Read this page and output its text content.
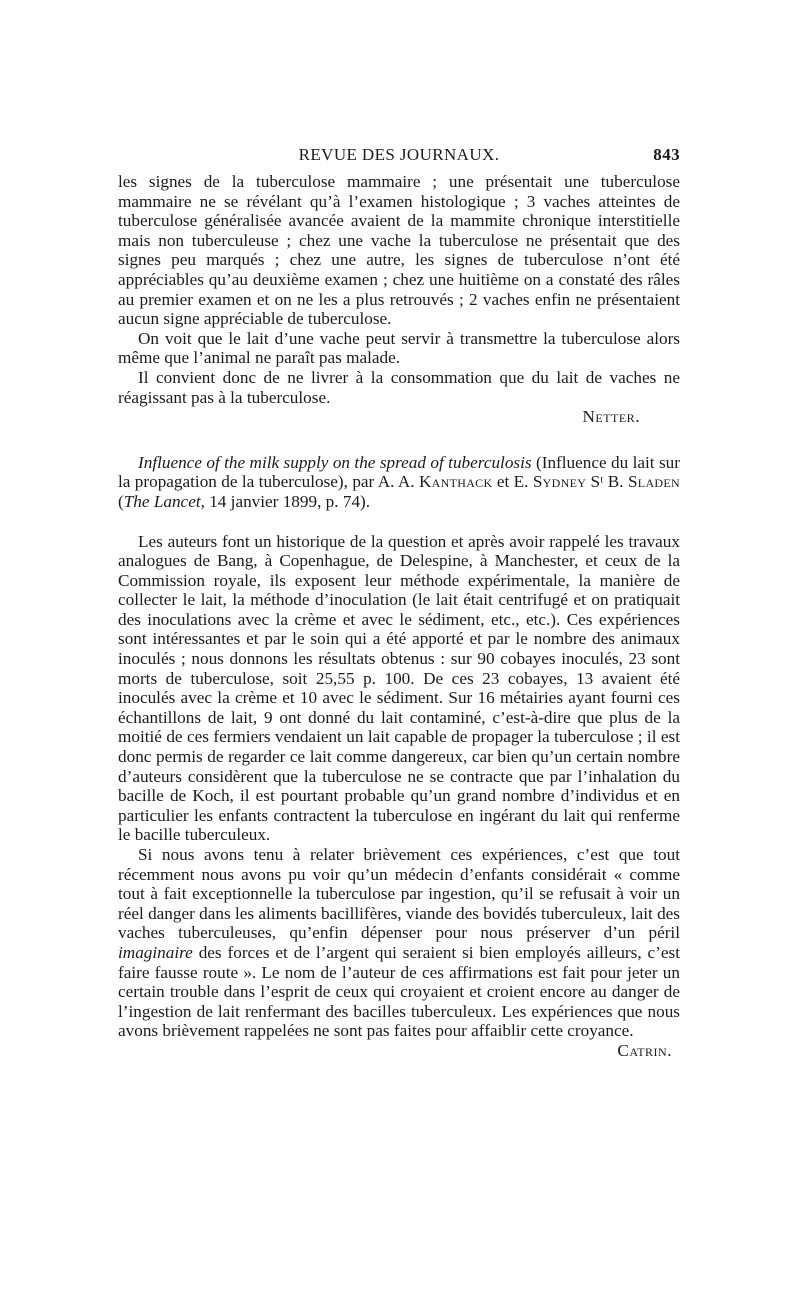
REVUE DES JOURNAUX.	843

les signes de la tuberculose mammaire ; une présentait une tuberculose mammaire ne se révélant qu’à l’examen histologique ; 3 vaches atteintes de tuberculose généralisée avancée avaient de la mammite chronique interstitielle mais non tuberculeuse ; chez une vache la tuberculose ne présentait que des signes peu marqués ; chez une autre, les signes de tuberculose n’ont été appréciables qu’au deuxième examen ; chez une huitième on a constaté des râles au premier examen et on ne les a plus retrouvés ; 2 vaches enfin ne présentaient aucun signe appréciable de tuberculose.

On voit que le lait d’une vache peut servir à transmettre la tuberculose alors même que l’animal ne paraît pas malade.

Il convient donc de ne livrer à la consommation que du lait de vaches ne réagissant pas à la tuberculose.
Netter.

Influence of the milk supply on the spread of tuberculosis (Influence du lait sur la propagation de la tuberculose), par A. A. Kanthack et E. Sydney Sᵗ B. Sladen (The Lancet, 14 janvier 1899, p. 74).

Les auteurs font un historique de la question et après avoir rappelé les travaux analogues de Bang, à Copenhague, de Delespine, à Manchester, et ceux de la Commission royale, ils exposent leur méthode expérimentale, la manière de collecter le lait, la méthode d’inoculation (le lait était centrifugé et on pratiquait des inoculations avec la crème et avec le sédiment, etc., etc.). Ces expériences sont intéressantes et par le soin qui a été apporté et par le nombre des animaux inoculés ; nous donnons les résultats obtenus : sur 90 cobayes inoculés, 23 sont morts de tuberculose, soit 25,55 p. 100. De ces 23 cobayes, 13 avaient été inoculés avec la crème et 10 avec le sédiment. Sur 16 métairies ayant fourni ces échantillons de lait, 9 ont donné du lait contaminé, c’est-à-dire que plus de la moitié de ces fermiers vendaient un lait capable de propager la tuberculose ; il est donc permis de regarder ce lait comme dangereux, car bien qu’un certain nombre d’auteurs considèrent que la tuberculose ne se contracte que par l’inhalation du bacille de Koch, il est pourtant probable qu’un grand nombre d’individus et en particulier les enfants contractent la tuberculose en ingérant du lait qui renferme le bacille tuberculeux.

Si nous avons tenu à relater brièvement ces expériences, c’est que tout récemment nous avons pu voir qu’un médecin d’enfants considérait « comme tout à fait exceptionnelle la tuberculose par ingestion, qu’il se refusait à voir un réel danger dans les aliments bacillifères, viande des bovidés tuberculeux, lait des vaches tuberculeuses, qu’enfin dépenser pour nous préserver d’un péril imaginaire des forces et de l’argent qui seraient si bien employés ailleurs, c’est faire fausse route ». Le nom de l’auteur de ces affirmations est fait pour jeter un certain trouble dans l’esprit de ceux qui croyaient et croient encore au danger de l’ingestion de lait renfermant des bacilles tuberculeux. Les expériences que nous avons brièvement rappelées ne sont pas faites pour affaiblir cette croyance.

Catrin.
